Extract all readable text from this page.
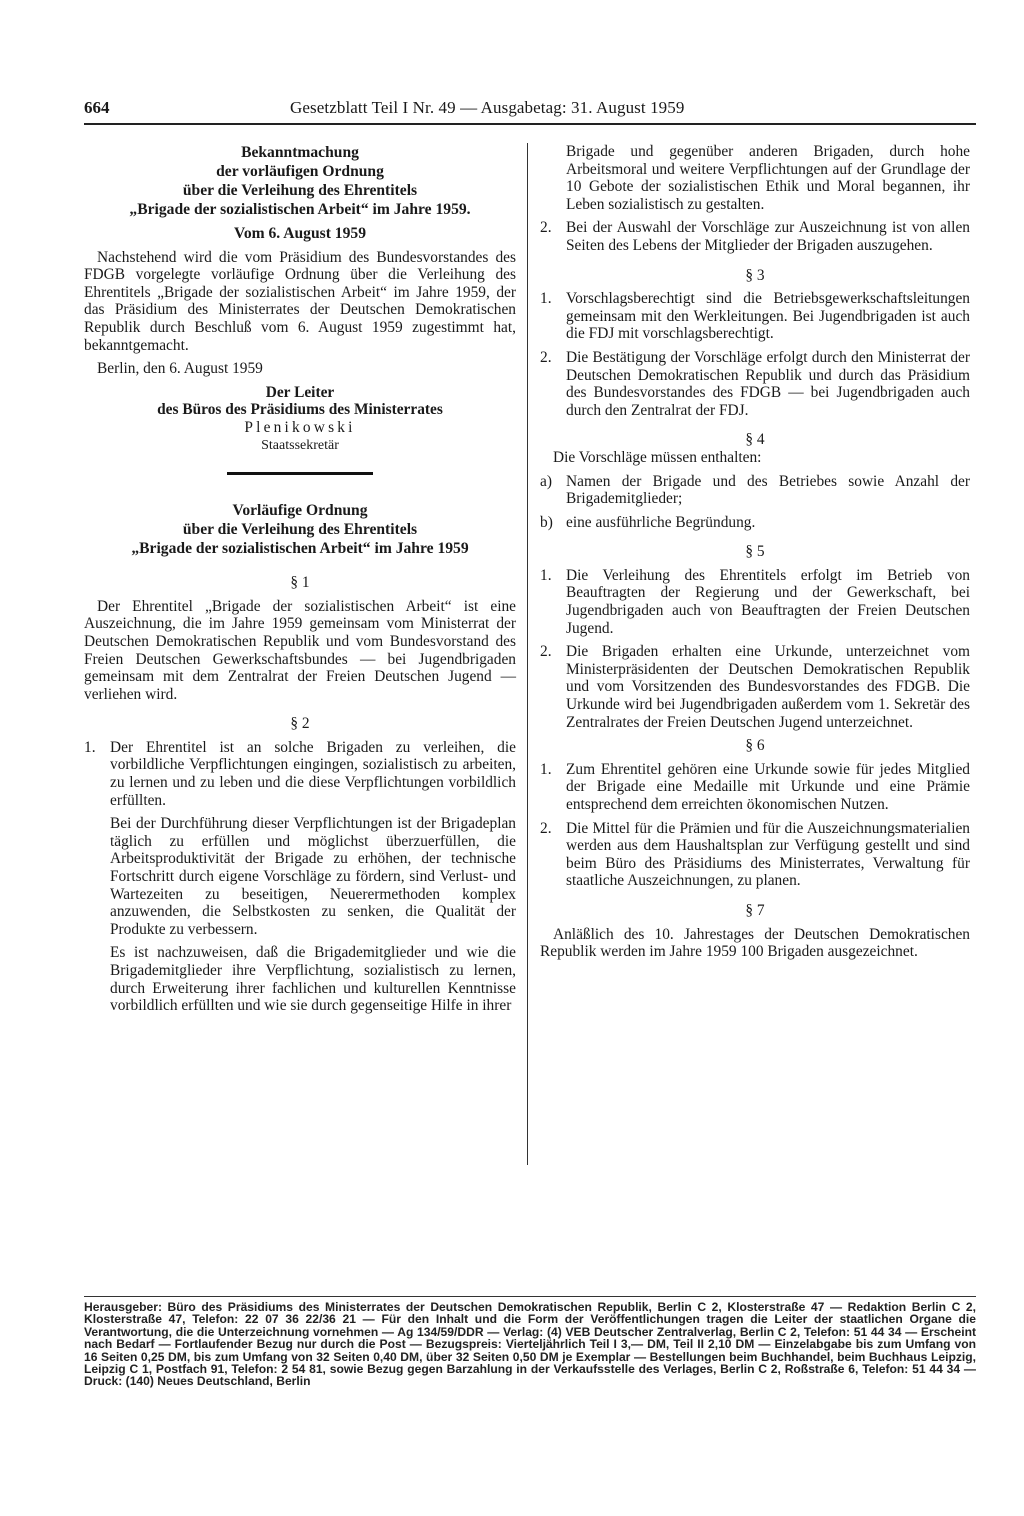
664	Gesetzblatt Teil I Nr. 49 — Ausgabetag: 31. August 1959
Bekanntmachung
der vorläufigen Ordnung
über die Verleihung des Ehrentitels
„Brigade der sozialistischen Arbeit“ im Jahre 1959.
Vom 6. August 1959

Nachstehend wird die vom Präsidium des Bundesvorstandes des FDGB vorgelegte vorläufige Ordnung über die Verleihung des Ehrentitels „Brigade der sozialistischen Arbeit“ im Jahre 1959, der das Präsidium des Ministerrates der Deutschen Demokratischen Republik durch Beschluß vom 6. August 1959 zugestimmt hat, bekanntgemacht.

Berlin, den 6. August 1959

Der Leiter
des Büros des Präsidiums des Ministerrates
Plenikowski
Staatssekretär
Vorläufige Ordnung
über die Verleihung des Ehrentitels
„Brigade der sozialistischen Arbeit“ im Jahre 1959
§ 1

Der Ehrentitel „Brigade der sozialistischen Arbeit“ ist eine Auszeichnung, die im Jahre 1959 gemeinsam vom Ministerrat der Deutschen Demokratischen Republik und vom Bundesvorstand des Freien Deutschen Gewerkschaftsbundes — bei Jugendbrigaden gemeinsam mit dem Zentralrat der Freien Deutschen Jugend — verliehen wird.

§ 2
1. Der Ehrentitel ist an solche Brigaden zu verleihen, die vorbildliche Verpflichtungen eingingen, sozialistisch zu arbeiten, zu lernen und zu leben und die diese Verpflichtungen vorbildlich erfüllten.

Bei der Durchführung dieser Verpflichtungen ist der Brigadeplan täglich zu erfüllen und möglichst überzuerfüllen, die Arbeitsproduktivität der Brigade zu erhöhen, der technische Fortschritt durch eigene Vorschläge zu fördern, sind Verlust- und Wartezeiten zu beseitigen, Neuerermethoden komplex anzuwenden, die Selbstkosten zu senken, die Qualität der Produkte zu verbessern.

Es ist nachzuweisen, daß die Brigademitglieder und wie die Brigademitglieder ihre Verpflichtung, sozialistisch zu lernen, durch Erweiterung ihrer fachlichen und kulturellen Kenntnisse vorbildlich erfüllten und wie sie durch gegenseitige Hilfe in ihrer

Brigade und gegenüber anderen Brigaden, durch hohe Arbeitsmoral und weitere Verpflichtungen auf der Grundlage der 10 Gebote der sozialistischen Ethik und Moral begannen, ihr Leben sozialistisch zu gestalten.

2. Bei der Auswahl der Vorschläge zur Auszeichnung ist von allen Seiten des Lebens der Mitglieder der Brigaden auszugehen.
§ 3
1. Vorschlagsberechtigt sind die Betriebsgewerkschaftsleitungen gemeinsam mit den Werkleitungen. Bei Jugendbrigaden ist auch die FDJ mit vorschlagsberechtigt.
2. Die Bestätigung der Vorschläge erfolgt durch den Ministerrat der Deutschen Demokratischen Republik und durch das Präsidium des Bundesvorstandes des FDGB — bei Jugendbrigaden auch durch den Zentralrat der FDJ.
§ 4
Die Vorschläge müssen enthalten:
a) Namen der Brigade und des Betriebes sowie Anzahl der Brigademitglieder;
b) eine ausführliche Begründung.
§ 5
1. Die Verleihung des Ehrentitels erfolgt im Betrieb von Beauftragten der Regierung und der Gewerkschaft, bei Jugendbrigaden auch von Beauftragten der Freien Deutschen Jugend.
2. Die Brigaden erhalten eine Urkunde, unterzeichnet vom Ministerpräsidenten der Deutschen Demokratischen Republik und vom Vorsitzenden des Bundesvorstandes des FDGB. Die Urkunde wird bei Jugendbrigaden außerdem vom 1. Sekretär des Zentralrates der Freien Deutschen Jugend unterzeichnet.
§ 6
1. Zum Ehrentitel gehören eine Urkunde sowie für jedes Mitglied der Brigade eine Medaille mit Urkunde und eine Prämie entsprechend dem erreichten ökonomischen Nutzen.
2. Die Mittel für die Prämien und für die Auszeichnungsmaterialien werden aus dem Haushaltsplan zur Verfügung gestellt und sind beim Büro des Präsidiums des Ministerrates, Verwaltung für staatliche Auszeichnungen, zu planen.
§ 7

Anläßlich des 10. Jahrestages der Deutschen Demokratischen Republik werden im Jahre 1959 100 Brigaden ausgezeichnet.

Herausgeber: Büro des Präsidiums des Ministerrates der Deutschen Demokratischen Republik, Berlin C 2, Klosterstraße 47 — Redaktion Berlin C 2, Klosterstraße 47, Telefon: 22 07 36 22/36 21 — Für den Inhalt und die Form der Veröffentlichungen tragen die Leiter der staatlichen Organe die Verantwortung, die die Unterzeichnung vornehmen — Ag 134/59/DDR — Verlag: (4) VEB Deutscher Zentralverlag, Berlin C 2, Telefon: 51 44 34 — Erscheint nach Bedarf — Fortlaufender Bezug nur durch die Post — Bezugspreis: Vierteljährlich Teil I 3,— DM, Teil II 2,10 DM — Einzelabgabe bis zum Umfang von 16 Seiten 0,25 DM, bis zum Umfang von 32 Seiten 0,40 DM, über 32 Seiten 0,50 DM je Exemplar — Bestellungen beim Buchhandel, beim Buchhaus Leipzig, Leipzig C 1, Postfach 91, Telefon: 2 54 81, sowie Bezug gegen Barzahlung in der Verkaufsstelle des Verlages, Berlin C 2, Roßstraße 6, Telefon: 51 44 34 — Druck: (140) Neues Deutschland, Berlin
